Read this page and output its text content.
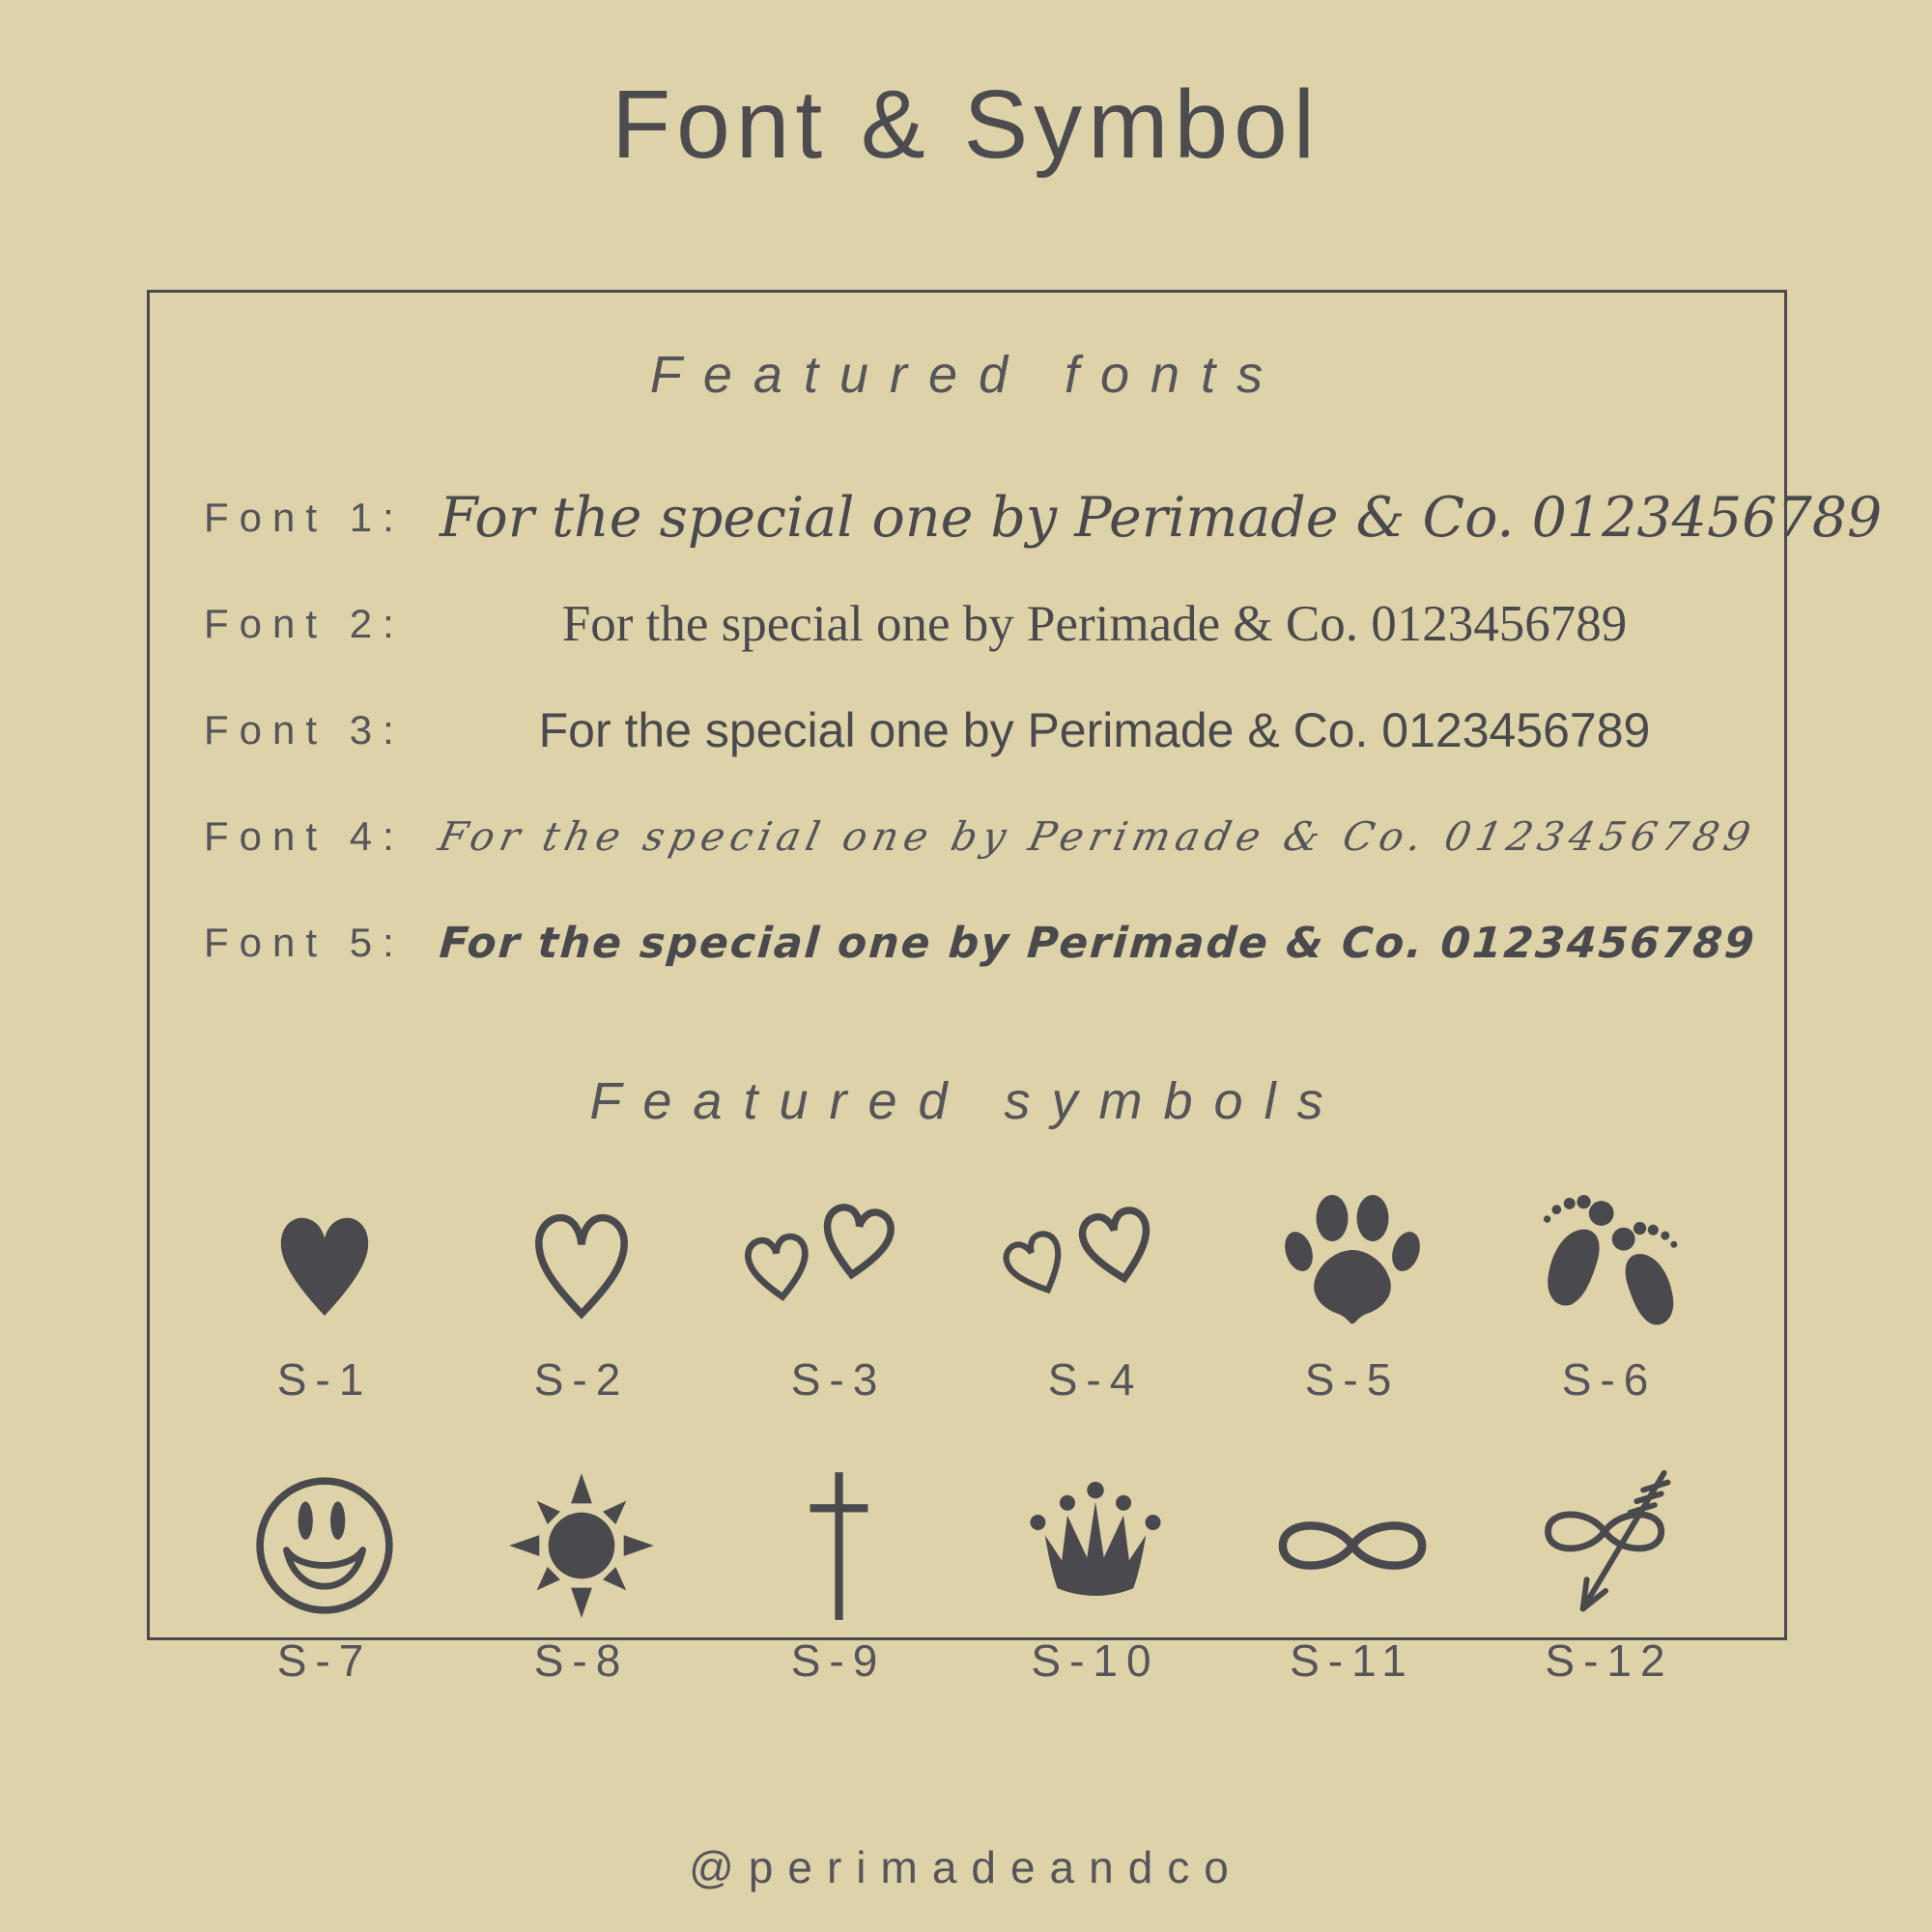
Font & Symbol
Featured fonts
Font 1: For the special one by Perimade & Co. 0123456789
Font 2:	For the special one by Perimade & Co. 0123456789
Font 3:	For the special one by Perimade & Co. 0123456789
Font 4: For the special one by Perimade & Co. 0123456789
Font 5: For the special one by Perimade & Co. 0123456789
Featured symbols
S-1	S-2	S-3	S-4	S-5	S-6
S-7	S-8	S-9	S-10	S-11	S-12
@perimadeandco
